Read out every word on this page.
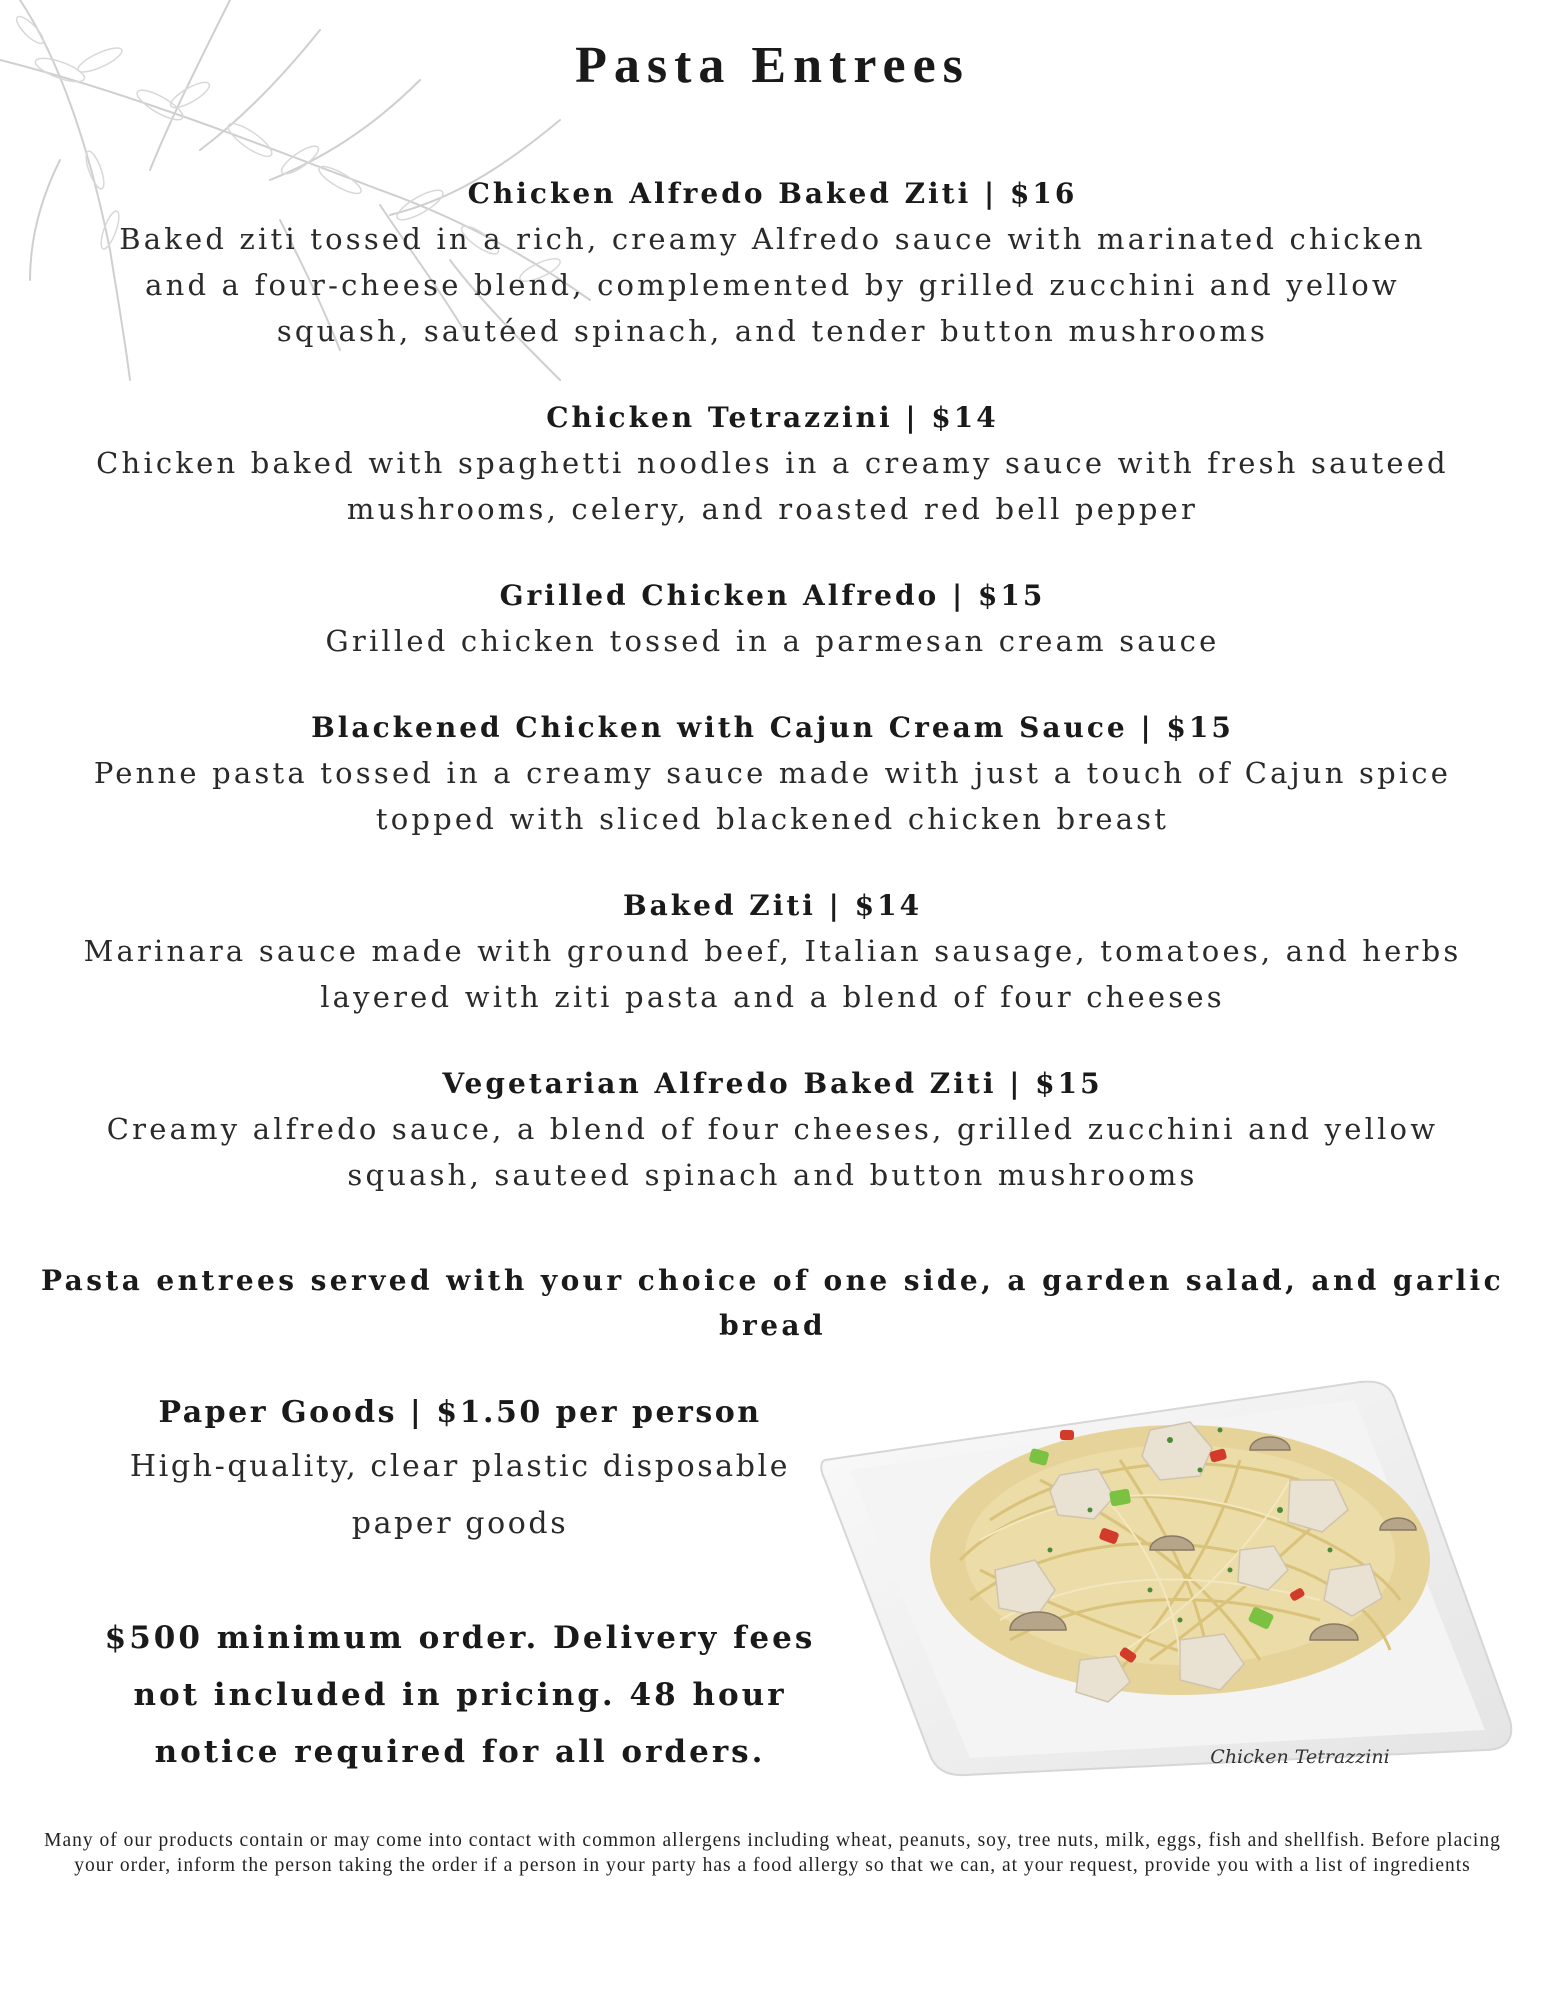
Pasta Entrees
Chicken Alfredo Baked Ziti | $16
Baked ziti tossed in a rich, creamy Alfredo sauce with marinated chicken and a four-cheese blend, complemented by grilled zucchini and yellow squash, sautéed spinach, and tender button mushrooms
Chicken Tetrazzini | $14
Chicken baked with spaghetti noodles in a creamy sauce with fresh sauteed mushrooms, celery, and roasted red bell pepper
Grilled Chicken Alfredo | $15
Grilled chicken tossed in a parmesan cream sauce
Blackened Chicken with Cajun Cream Sauce | $15
Penne pasta tossed in a creamy sauce made with just a touch of Cajun spice topped with sliced blackened chicken breast
Baked Ziti | $14
Marinara sauce made with ground beef, Italian sausage, tomatoes, and herbs layered with ziti pasta and a blend of four cheeses
Vegetarian Alfredo Baked Ziti | $15
Creamy alfredo sauce, a blend of four cheeses, grilled zucchini and yellow squash, sauteed spinach and button mushrooms
Pasta entrees served with your choice of one side, a garden salad, and garlic bread
Paper Goods | $1.50 per person
High-quality, clear plastic disposable paper goods
$500 minimum order. Delivery fees not included in pricing. 48 hour notice required for all orders.	Chicken Tetrazzini
Many of our products contain or may come into contact with common allergens including wheat, peanuts, soy, tree nuts, milk, eggs, fish and shellfish. Before placing your order, inform the person taking the order if a person in your party has a food allergy so that we can, at your request, provide you with a list of ingredients
